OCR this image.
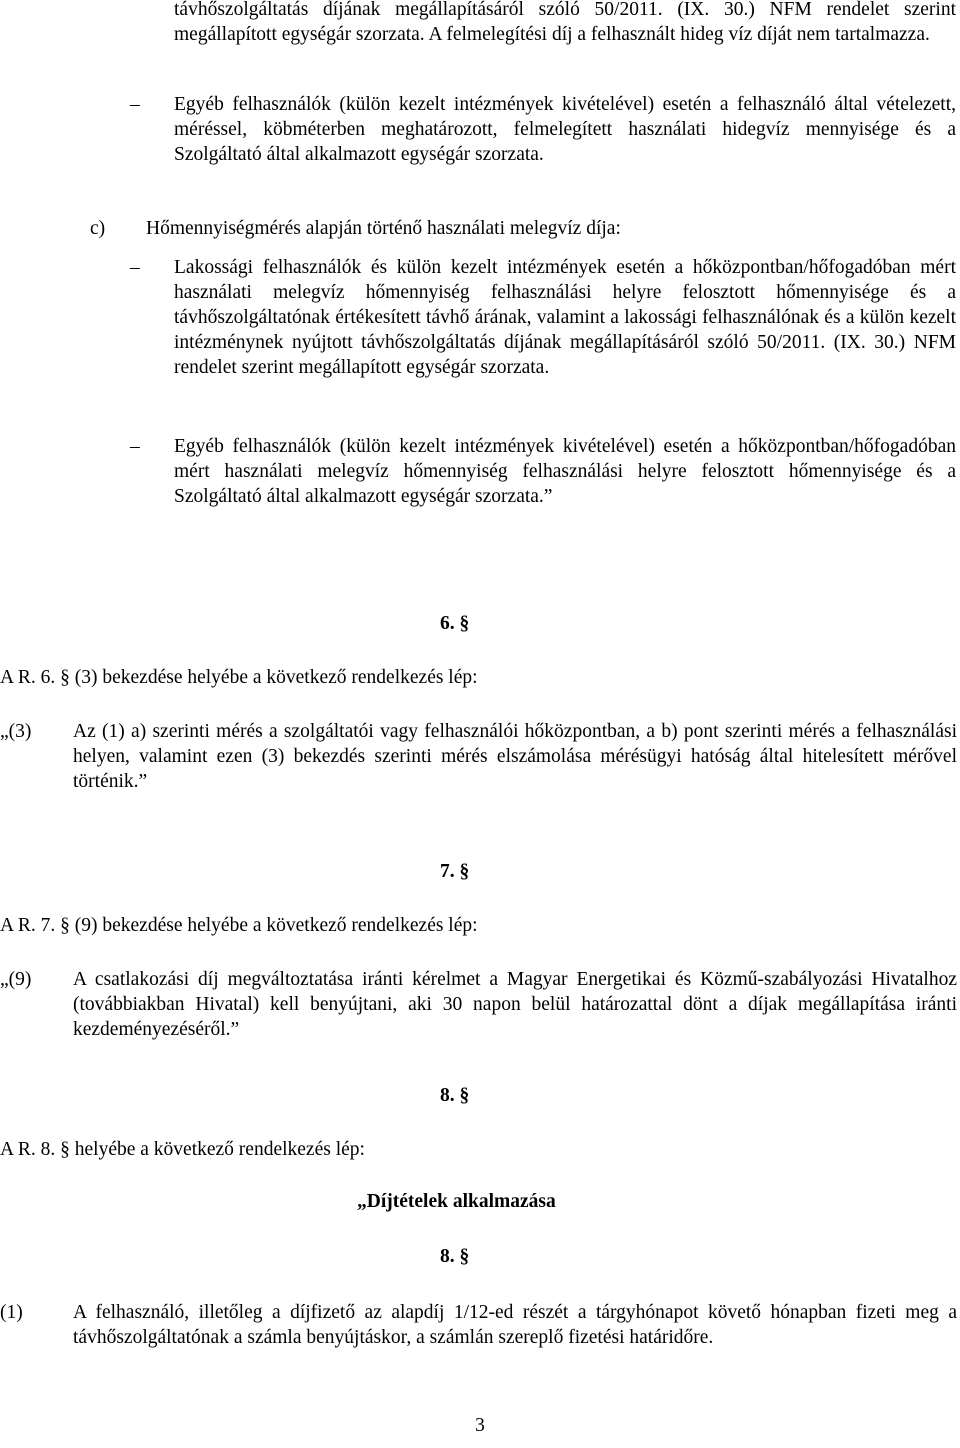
távhőszolgáltatás díjának megállapításáról szóló 50/2011. (IX. 30.) NFM rendelet szerint megállapított egységár szorzata. A felmelegítési díj a felhasznált hideg víz díját nem tartalmazza.
–	Egyéb felhasználók (külön kezelt intézmények kivételével) esetén a felhasználó által vételezett, méréssel, köbméterben meghatározott, felmelegített használati hidegvíz mennyisége és a Szolgáltató által alkalmazott egységár szorzata.
c) Hőmennyiségmérés alapján történő használati melegvíz díja:
–	Lakossági felhasználók és külön kezelt intézmények esetén a hőközpontban/hőfogadóban mért használati melegvíz hőmennyiség felhasználási helyre felosztott hőmennyisége és a távhőszolgáltatónak értékesített távhő árának, valamint a lakossági felhasználónak és a külön kezelt intézménynek nyújtott távhőszolgáltatás díjának megállapításáról szóló 50/2011. (IX. 30.) NFM rendelet szerint megállapított egységár szorzata.
–	Egyéb felhasználók (külön kezelt intézmények kivételével) esetén a hőközpontban/hőfogadóban mért használati melegvíz hőmennyiség felhasználási helyre felosztott hőmennyisége és a Szolgáltató által alkalmazott egységár szorzata.”
6. §
A R. 6. § (3) bekezdése helyébe a következő rendelkezés lép:
„(3) Az (1) a) szerinti mérés a szolgáltatói vagy felhasználói hőközpontban, a b) pont szerinti mérés a felhasználási helyen, valamint ezen (3) bekezdés szerinti mérés elszámolása mérésügyi hatóság által hitelesített mérővel történik.”
7. §
A R. 7. § (9) bekezdése helyébe a következő rendelkezés lép:
„(9) A csatlakozási díj megváltoztatása iránti kérelmet a Magyar Energetikai és Közmű-szabályozási Hivatalhoz (továbbiakban Hivatal) kell benyújtani, aki 30 napon belül határozattal dönt a díjak megállapítása iránti kezdeményezéséről.”
8. §
A R. 8. § helyébe a következő rendelkezés lép:
„Díjtételek alkalmazása
8. §
(1)	A felhasználó, illetőleg a díjfizető az alapdíj 1/12-ed részét a tárgyhónapot követő hónapban fizeti meg a távhőszolgáltatónak a számla benyújtáskor, a számlán szereplő fizetési határidőre.
3
